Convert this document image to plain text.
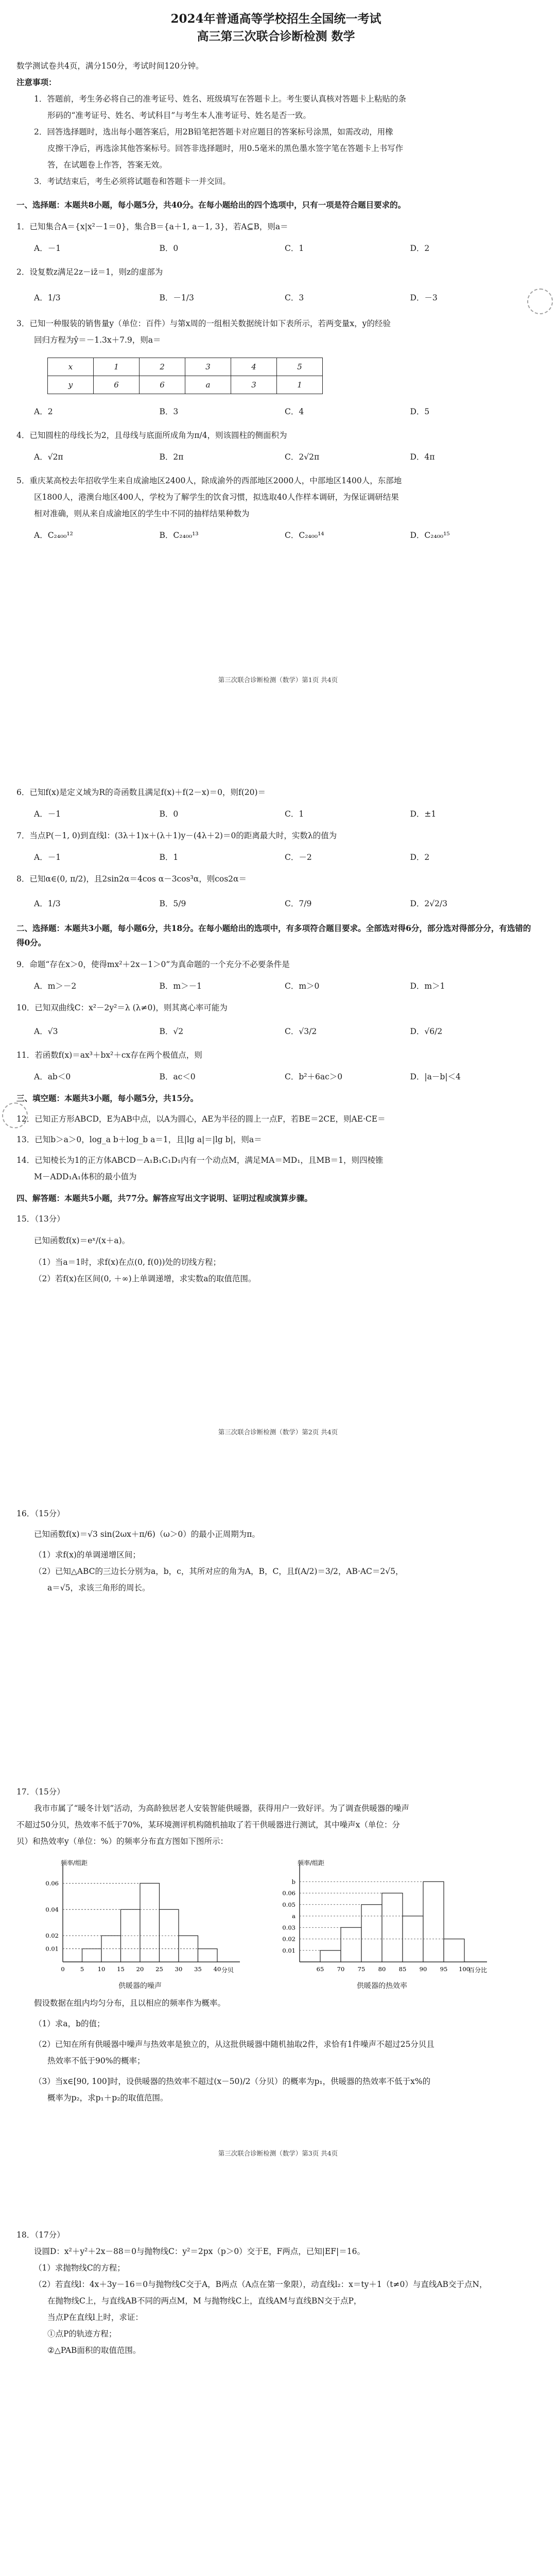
2024年普通高等学校招生全国统一考试
高三第三次联合诊断检测 数学
数学测试卷共4页，满分150分，考试时间120分钟。
注意事项：
1．答题前，考生务必将自己的准考证号、姓名、班级填写在答题卡上。考生要认真核对答题卡上粘贴的条
形码的“准考证号、姓名、考试科目”与考生本人准考证号、姓名是否一致。
2．回答选择题时，选出每小题答案后，用2B铅笔把答题卡对应题目的答案标号涂黑，如需改动，用橡
皮擦干净后，再选涂其他答案标号。回答非选择题时，用0.5毫米的黑色墨水签字笔在答题卡上书写作
答，在试题卷上作答，答案无效。
3．考试结束后，考生必须将试题卷和答题卡一并交回。
一、选择题：本题共8小题，每小题5分，共40分。在每小题给出的四个选项中，只有一项是符合题目要求的。
1．已知集合A＝{x|x²－1＝0}，集合B＝{a＋1, a－1, 3}，若A⊆B，则a＝
A．－1	B．0	C．1	D．2
2．设复数z满足2z－iz̄＝1，则z的虚部为
A．1/3	B．－1/3	C．3	D．－3
3．已知一种服装的销售量y（单位：百件）与第x周的一组相关数据统计如下表所示，若两变量x，y的经验
回归方程为ŷ＝－1.3x＋7.9，则a＝
x	1	2	3	4	5
y	6	6	a	3	1
A．2	B．3	C．4	D．5
4．已知圆柱的母线长为2，且母线与底面所成角为π/4，则该圆柱的侧面积为
A．√2π	B．2π	C．2√2π	D．4π
5．重庆某高校去年招收学生来自成渝地区2400人，除成渝外的西部地区2000人，中部地区1400人，东部地
区1800人，港澳台地区400人，学校为了解学生的饮食习惯，拟选取40人作样本调研，为保证调研结果
相对准确，则从来自成渝地区的学生中不同的抽样结果种数为
A．C₂₄₀₀¹²	B．C₂₄₀₀¹³	C．C₂₄₀₀¹⁴	D．C₂₄₀₀¹⁵
第三次联合诊断检测（数学）第1页 共4页
6．已知f(x)是定义域为R的奇函数且满足f(x)＋f(2－x)＝0，则f(20)＝
A．－1	B．0	C．1	D．±1
7．当点P(－1, 0)到直线l：(3λ＋1)x＋(λ＋1)y－(4λ＋2)＝0的距离最大时，实数λ的值为
A．－1	B．1	C．－2	D．2
8．已知α∈(0, π/2)，且2sin2α＝4cos α－3cos³α，则cos2α＝
A．1/3	B．5/9	C．7/9	D．2√2/3
二、选择题：本题共3小题，每小题6分，共18分。在每小题给出的选项中，有多项符合题目要求。全部选对得6分，部分选对得部分分，有选错的得0分。
9．命题“存在x＞0，使得mx²＋2x－1＞0”为真命题的一个充分不必要条件是
A．m＞－2	B．m＞－1	C．m＞0	D．m＞1
10．已知双曲线C：x²－2y²＝λ (λ≠0)，则其离心率可能为
A．√3	B．√2	C．√3/2	D．√6/2
11．若函数f(x)＝ax³＋bx²＋cx存在两个极值点，则
A．ab＜0	B．ac＜0	C．b²＋6ac＞0	D．|a－b|＜4
三、填空题：本题共3小题，每小题5分，共15分。
12．已知正方形ABCD，E为AB中点，以A为圆心，AE为半径的圆上一点F，若BE＝2CE，则AE·CE＝
13．已知b＞a＞0，log_a b＋log_b a＝1，且|lg a|＝|lg b|，则a＝
14．已知棱长为1的正方体ABCD－A₁B₁C₁D₁内有一个动点M，满足MA＝MD₁，且MB＝1，则四棱锥
M－ADD₁A₁体积的最小值为
四、解答题：本题共5小题，共77分。解答应写出文字说明、证明过程或演算步骤。
15．（13分）
已知函数f(x)＝eˣ/(x＋a)。
（1）当a＝1时，求f(x)在点(0, f(0))处的切线方程；
（2）若f(x)在区间(0, ＋∞)上单调递增，求实数a的取值范围。
第三次联合诊断检测（数学）第2页 共4页
16．（15分）
已知函数f(x)＝√3 sin(2ωx＋π/6)（ω＞0）的最小正周期为π。
（1）求f(x)的单调递增区间；
（2）已知△ABC的三边长分别为a，b，c，其所对应的角为A，B，C，且f(A/2)＝3/2，AB·AC＝2√5，
a＝√5，求该三角形的周长。
17．（15分）
我市市属了“暖冬计划”活动，为高龄独居老人安装智能供暖器，获得用户一致好评。为了调查供暖器的噪声
不超过50分贝，热效率不低于70%，某环境测评机构随机抽取了若干供暖器进行测试，其中噪声x（单位：分
贝）和热效率y（单位：%）的频率分布直方图如下图所示：
频率/组距
分贝
0.06
0.04
0.02
0.01
0	5 10 15 20 25 30 35 40
供暖器的噪声
频率/组距
百分比
b
0.06
0.05
a
0.03
0.02
0.01
65 70 75 80 85 90 95 100
供暖器的热效率
假设数据在组内均匀分布，且以相应的频率作为概率。
（1）求a，b的值；
（2）已知在所有供暖器中噪声与热效率是独立的，从这批供暖器中随机抽取2件，求恰有1件噪声不超过25分贝且
热效率不低于90%的概率；
（3）当x∈[90, 100]时，设供暖器的热效率不超过(x－50)/2（分贝）的概率为p₁，供暖器的热效率不低于x%的
概率为p₂，求p₁＋p₂的取值范围。
第三次联合诊断检测（数学）第3页 共4页
18．（17分）
设圆D：x²＋y²＋2x－88＝0与抛物线C：y²＝2px（p＞0）交于E，F两点，已知|EF|＝16。
（1）求抛物线C的方程；
（2）若直线l：4x＋3y－16＝0与抛物线C交于A，B两点（A点在第一象限），动直线l₂：x＝ty＋1（t≠0）与直线AB交于点N，
在抛物线C上，与直线AB不同的两点M，M 与抛物线C上，直线AM与直线BN交于点P，
当点P在直线l上时，求证：
①点P的轨迹方程；
②△PAB面积的取值范围。
